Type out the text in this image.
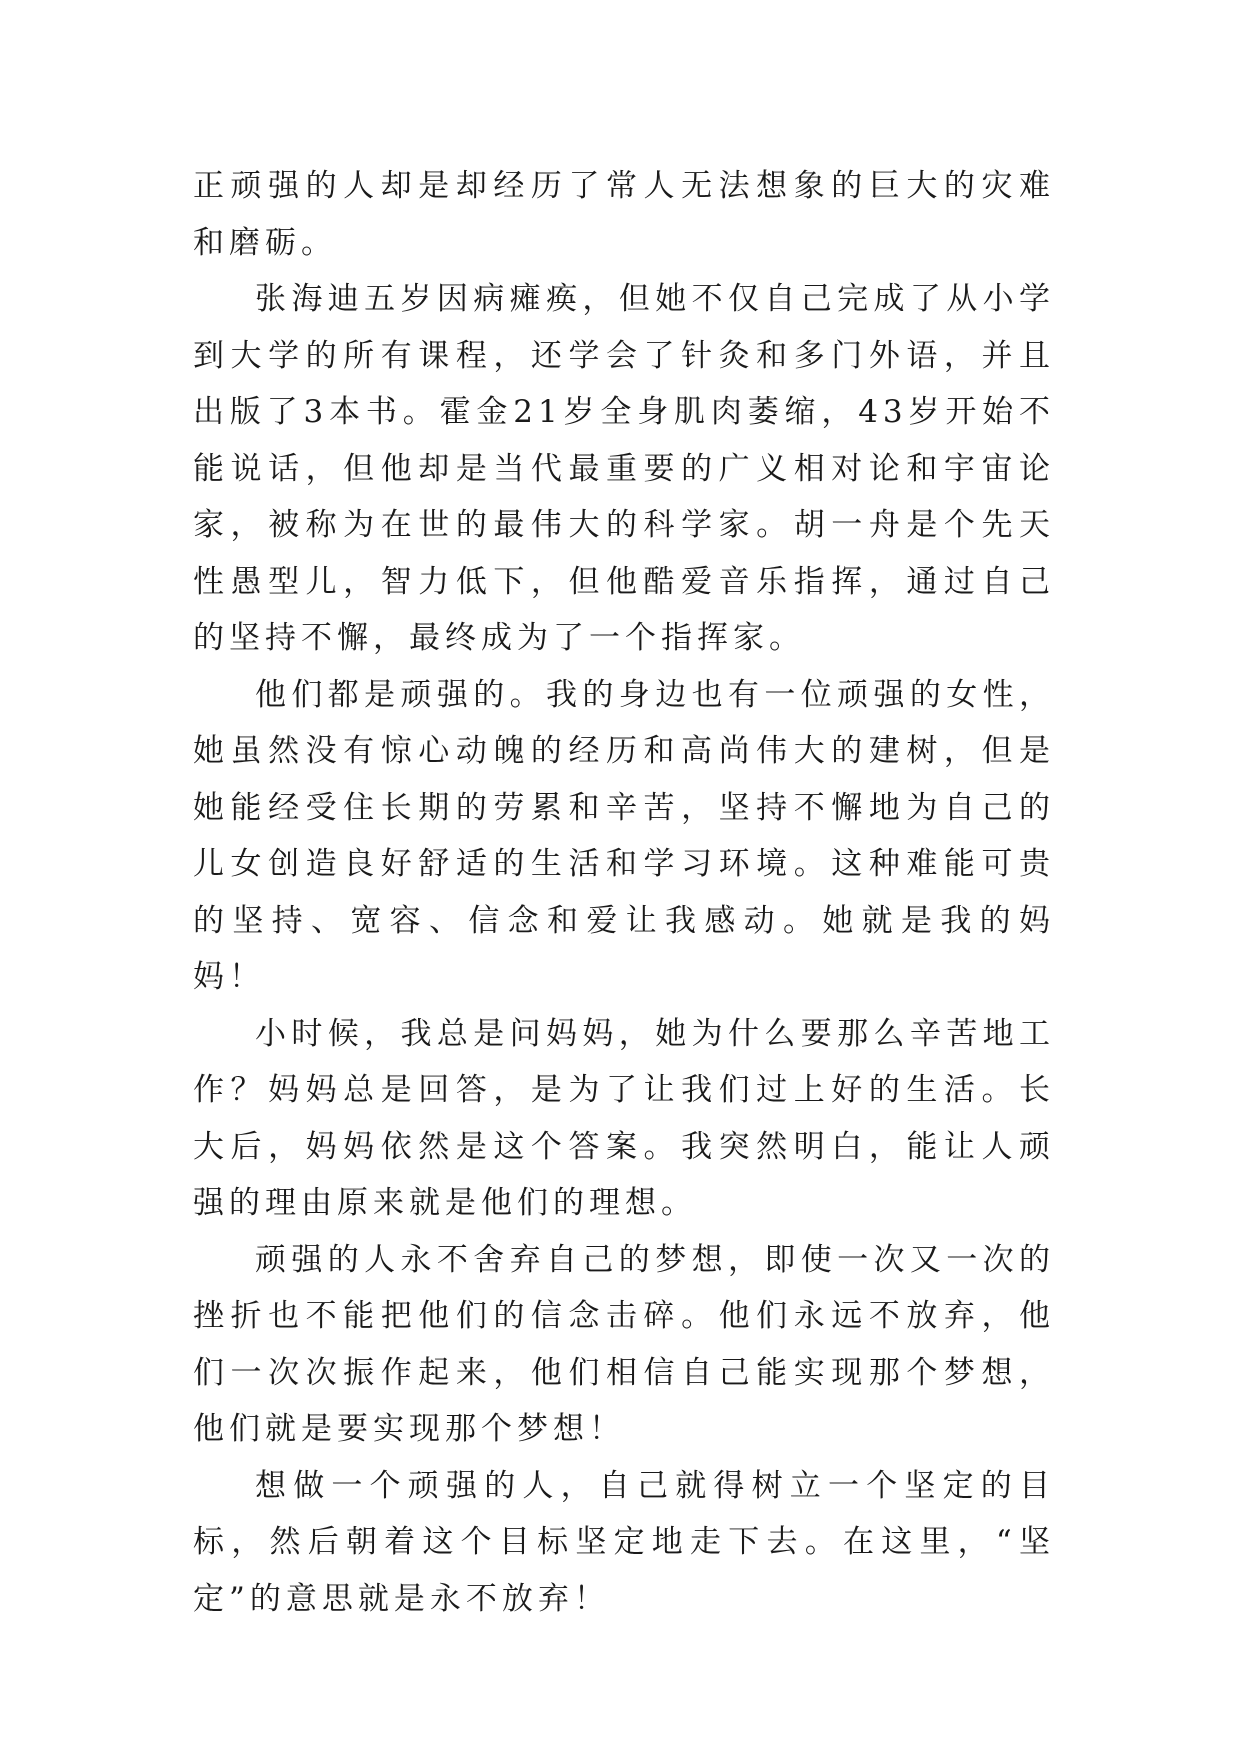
正顽强的人却是却经历了常人无法想象的巨大的灾难和磨砺。

张海迪五岁因病瘫痪，但她不仅自己完成了从小学到大学的所有课程，还学会了针灸和多门外语，并且出版了3本书。霍金21岁全身肌肉萎缩，43岁开始不能说话，但他却是当代最重要的广义相对论和宇宙论家，被称为在世的最伟大的科学家。胡一舟是个先天性愚型儿，智力低下，但他酷爱音乐指挥，通过自己的坚持不懈，最终成为了一个指挥家。

他们都是顽强的。我的身边也有一位顽强的女性，她虽然没有惊心动魄的经历和高尚伟大的建树，但是她能经受住长期的劳累和辛苦，坚持不懈地为自己的儿女创造良好舒适的生活和学习环境。这种难能可贵的坚持、宽容、信念和爱让我感动。她就是我的妈妈！

小时候，我总是问妈妈，她为什么要那么辛苦地工作？妈妈总是回答，是为了让我们过上好的生活。长大后，妈妈依然是这个答案。我突然明白，能让人顽强的理由原来就是他们的理想。

顽强的人永不舍弃自己的梦想，即使一次又一次的挫折也不能把他们的信念击碎。他们永远不放弃，他们一次次振作起来，他们相信自己能实现那个梦想，他们就是要实现那个梦想！

想做一个顽强的人，自己就得树立一个坚定的目标，然后朝着这个目标坚定地走下去。在这里，“坚定”的意思就是永不放弃！
